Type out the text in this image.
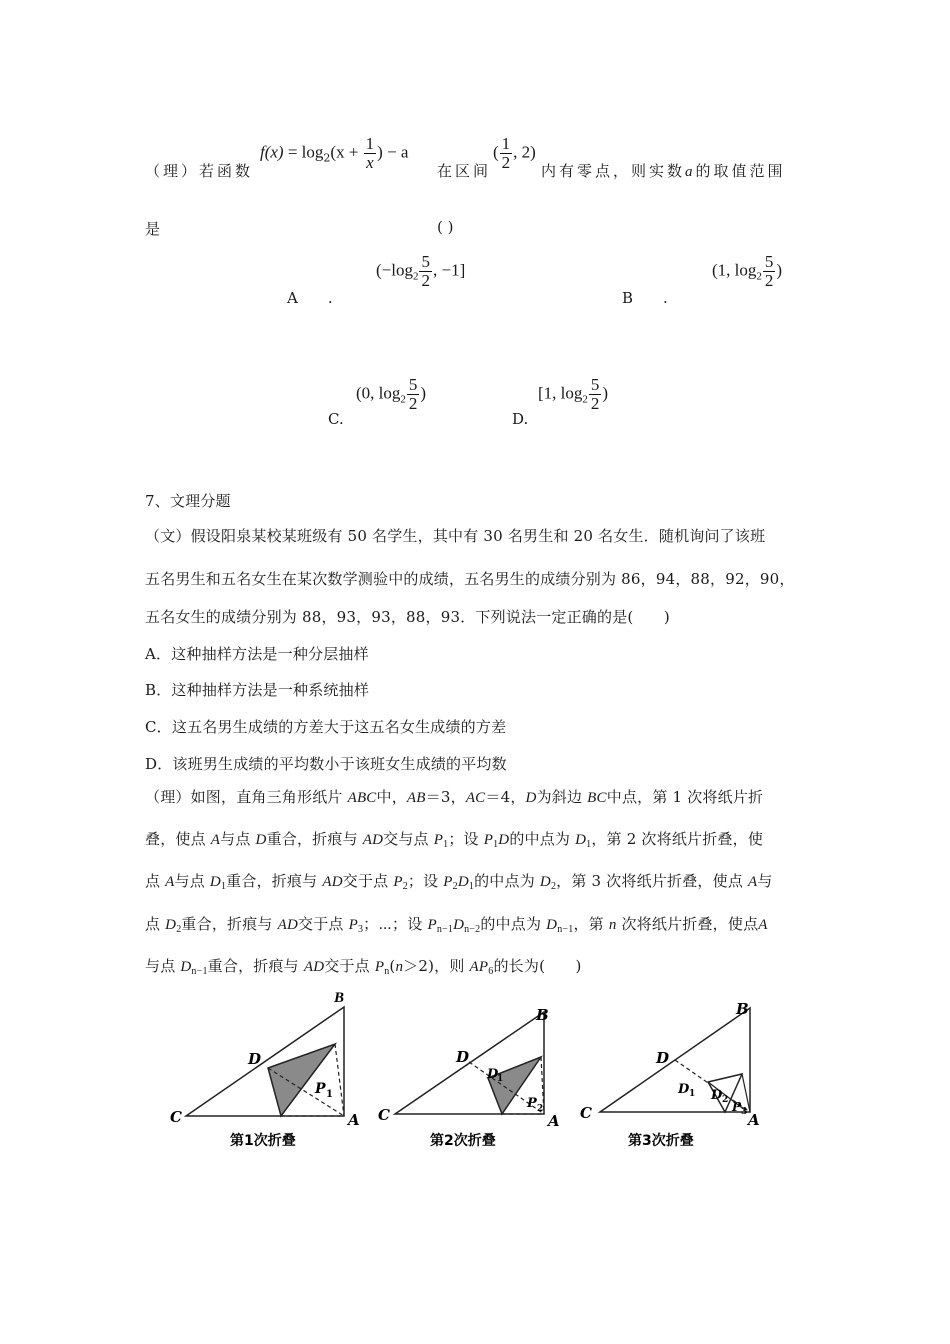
（理）若函数
$f(x) = \log_2(x + \frac{1}{x}$ ) − a
在区间
( $\frac{1}{2}$ , 2)
内有零点，则实数a的取值范围
是	( )
A　　.
($-\log_2 \frac{5}{2}$ , −1]
B　　.
(1, $\log_2 \frac{5}{2}$ )
C.
(0, $\log_2 \frac{5}{2}$ )
D.
[1, $\log_2 \frac{5}{2}$ )
7、文理分题
（文）假设阳泉某校某班级有 50 名学生，其中有 30 名男生和 20 名女生．随机询问了该班
五名男生和五名女生在某次数学测验中的成绩，五名男生的成绩分别为 86，94，88，92，90，
五名女生的成绩分别为 88，93，93，88，93．下列说法一定正确的是(　　)
A．这种抽样方法是一种分层抽样
B．这种抽样方法是一种系统抽样
C．这五名男生成绩的方差大于这五名女生成绩的方差
D．该班男生成绩的平均数小于该班女生成绩的平均数
（理）如图，直角三角形纸片 ABC中，AB＝3，AC＝4，D为斜边 BC中点，第 1 次将纸片折
叠，使点 A与点 D重合，折痕与 AD交与点 $P_1$；设 $P_1D$的中点为 $D_1$，第 2 次将纸片折叠，使
点 A与点 $D_1$重合，折痕与 AD交于点 $P_2$；设 $P_2D_1$的中点为 $D_2$，第 3 次将纸片折叠，使点 A与
点 $D_2$重合，折痕与 AD交于点 $P_3$；⋯；设 $P_{n-1}D_{n-2}$的中点为 $D_{n-1}$，第 n 次将纸片折叠，使点A
与点 $D_{n-1}$重合，折痕与 AD交于点 $P_n(n>2)$，则 $AP_6$的长为(　　)
B
D
C	A
P 1
第1次折叠
B
D
C	A
D
1
P 2
第2次折叠
B
D
C	A
D 1 D 2 P 3
第3次折叠
